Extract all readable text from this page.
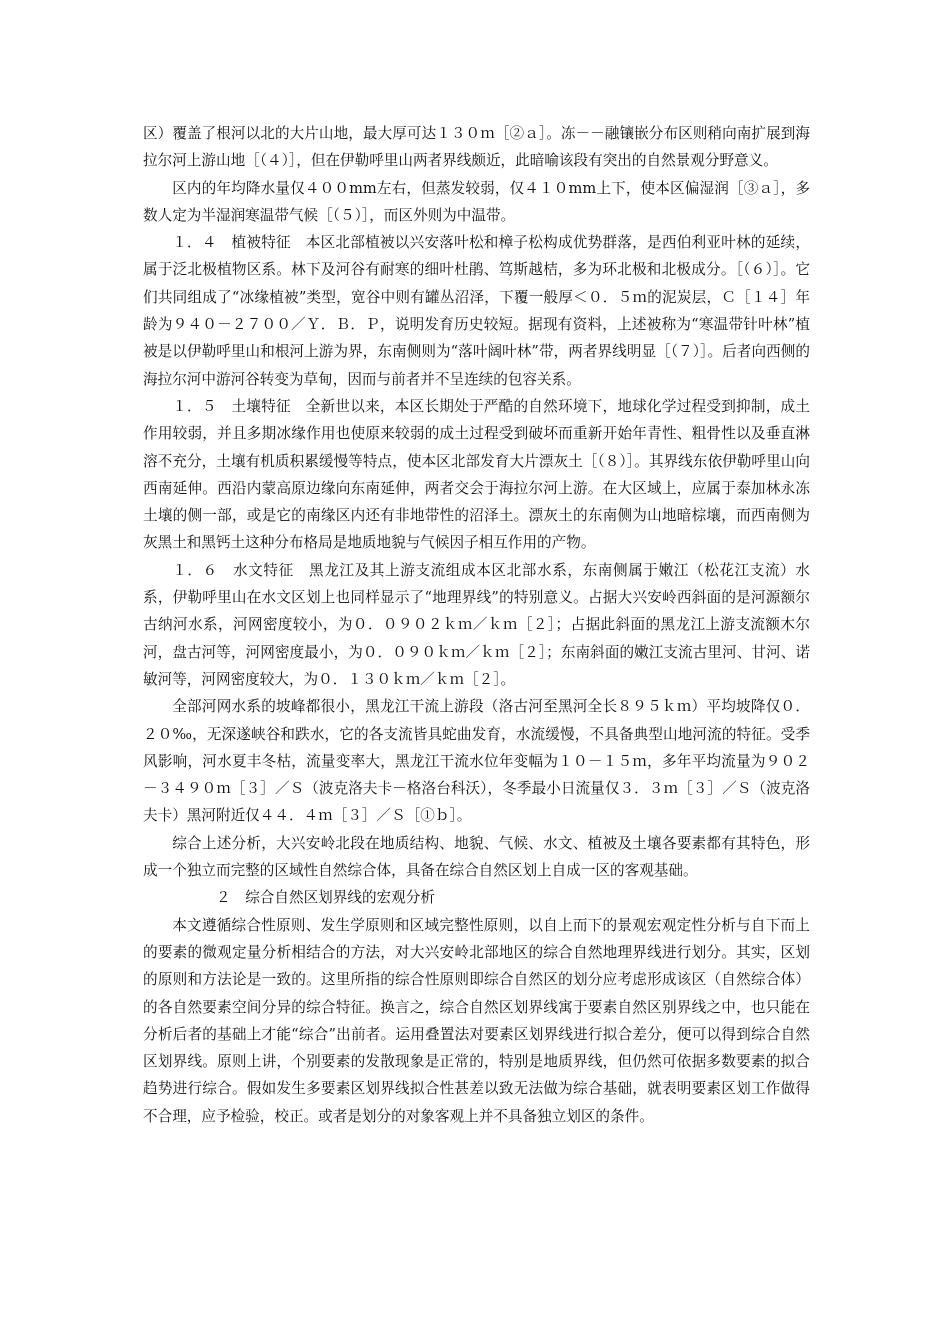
区）覆盖了根河以北的大片山地，最大厚可达１３０ｍ［②ａ］。冻－－融镶嵌分布区则稍向南扩展到海拉尔河上游山地［（４）］，但在伊勒呼里山两者界线颇近，此暗喻该段有突出的自然景观分野意义。

区内的年均降水量仅４００mm左右，但蒸发较弱，仅４１０mm上下，使本区偏湿润［③ａ］，多数人定为半湿润寒温带气候［（５）］，而区外则为中温带。

１．４　植被特征　本区北部植被以兴安落叶松和樟子松构成优势群落，是西伯利亚叶林的延续，属于泛北极植物区系。林下及河谷有耐寒的细叶杜鹃、笃斯越桔，多为环北极和北极成分。［（６）］。它们共同组成了“冰缘植被”类型，宽谷中则有罐丛沼泽，下覆一般厚＜０．５ｍ的泥炭层，Ｃ［１４］年龄为９４０－２７００／Ｙ．Ｂ．Ｐ，说明发育历史较短。据现有资料，上述被称为“寒温带针叶林”植被是以伊勒呼里山和根河上游为界，东南侧则为“落叶阔叶林”带，两者界线明显［（７）］。后者向西侧的海拉尔河中游河谷转变为草甸，因而与前者并不呈连续的包容关系。

１．５　土壤特征　全新世以来，本区长期处于严酷的自然环境下，地球化学过程受到抑制，成土作用较弱，并且多期冰缘作用也使原来较弱的成土过程受到破坏而重新开始年青性、粗骨性以及垂直淋溶不充分，土壤有机质积累缓慢等特点，使本区北部发育大片漂灰土［（８）］。其界线东依伊勒呼里山向西南延伸。西沿内蒙高原边缘向东南延伸，两者交会于海拉尔河上游。在大区域上，应属于泰加林永冻土壤的侧一部，或是它的南缘区内还有非地带性的沼泽土。漂灰土的东南侧为山地暗棕壤，而西南侧为灰黑土和黑钙土这种分布格局是地质地貌与气候因子相互作用的产物。

１．６　水文特征　黑龙江及其上游支流组成本区北部水系，东南侧属于嫩江（松花江支流）水系，伊勒呼里山在水文区划上也同样显示了“地理界线”的特别意义。占据大兴安岭西斜面的是河源额尔古纳河水系，河网密度较小，为０．０９０２ｋｍ／ｋｍ［２］；占据此斜面的黑龙江上游支流额木尔河，盘古河等，河网密度最小，为０．０９０ｋｍ／ｋｍ［２］；东南斜面的嫩江支流古里河、甘河、诺敏河等，河网密度较大，为０．１３０ｋｍ／ｋｍ［２］。

全部河网水系的坡峰都很小，黑龙江干流上游段（洛古河至黑河全长８９５ｋｍ）平均坡降仅０．２０‰，无深遂峡谷和跌水，它的各支流皆具蛇曲发育，水流缓慢，不具备典型山地河流的特征。受季风影响，河水夏丰冬枯，流量变率大，黑龙江干流水位年变幅为１０－１５ｍ，多年平均流量为９０２－３４９０ｍ［３］／Ｓ（波克洛夫卡－格洛台科沃），冬季最小日流量仅３．３ｍ［３］／Ｓ（波克洛夫卡）黑河附近仅４４．４ｍ［３］／Ｓ［①ｂ］。

综合上述分析，大兴安岭北段在地质结构、地貌、气候、水文、植被及土壤各要素都有其特色，形成一个独立而完整的区域性自然综合体，具备在综合自然区划上自成一区的客观基础。

２　综合自然区划界线的宏观分析

本文遵循综合性原则、发生学原则和区域完整性原则，以自上而下的景观宏观定性分析与自下而上的要素的微观定量分析相结合的方法，对大兴安岭北部地区的综合自然地理界线进行划分。其实，区划的原则和方法论是一致的。这里所指的综合性原则即综合自然区的划分应考虑形成该区（自然综合体）的各自然要素空间分异的综合特征。换言之，综合自然区划界线寓于要素自然区别界线之中，也只能在分析后者的基础上才能“综合”出前者。运用叠置法对要素区划界线进行拟合差分，便可以得到综合自然区划界线。原则上讲，个别要素的发散现象是正常的，特别是地质界线，但仍然可依据多数要素的拟合趋势进行综合。假如发生多要素区划界线拟合性甚差以致无法做为综合基础，就表明要素区划工作做得不合理，应予检验，校正。或者是划分的对象客观上并不具备独立划区的条件。
